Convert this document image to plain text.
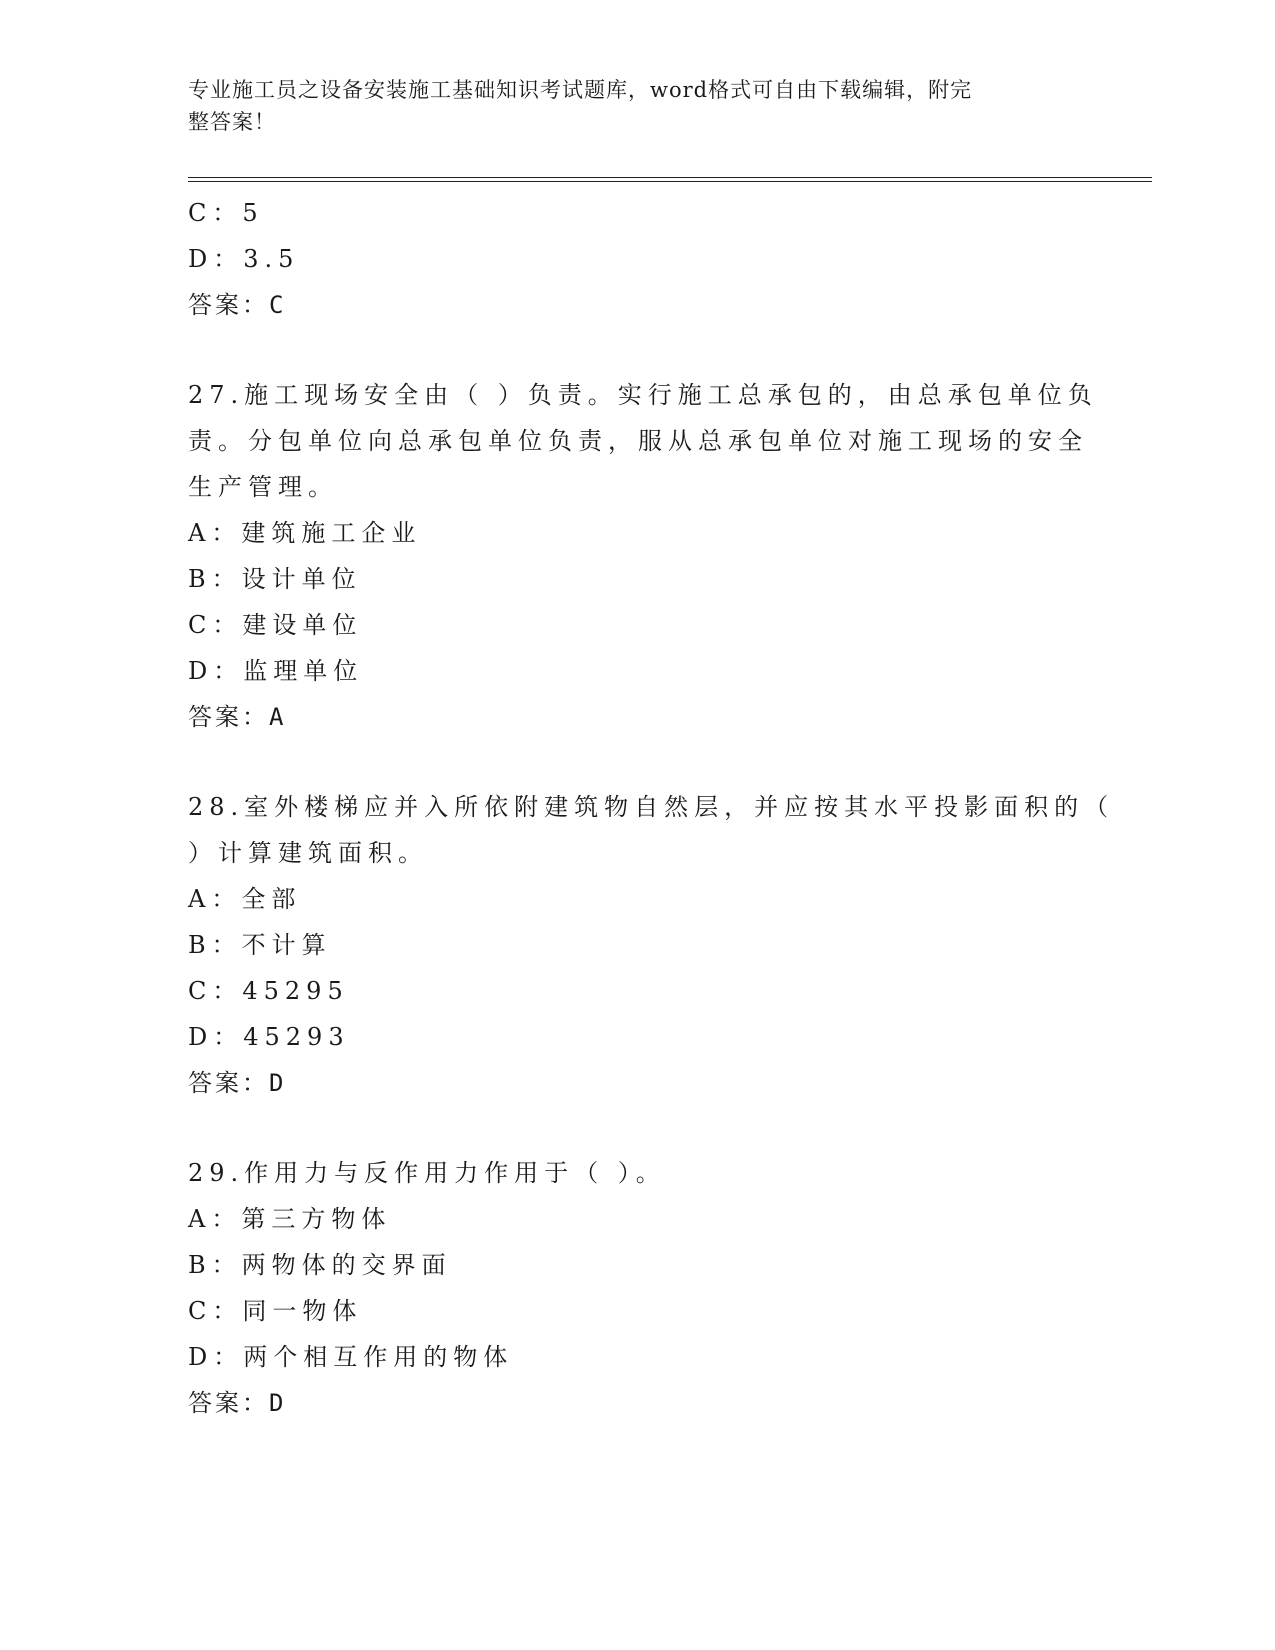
专业施工员之设备安装施工基础知识考试题库，word格式可自由下载编辑，附完
整答案！
C：5
D：3.5
答案：C
27.施工现场安全由（ ）负责。实行施工总承包的，由总承包单位负
责。分包单位向总承包单位负责，服从总承包单位对施工现场的安全
生产管理。
A：建筑施工企业
B：设计单位
C：建设单位
D：监理单位
答案：A
28.室外楼梯应并入所依附建筑物自然层，并应按其水平投影面积的（
）计算建筑面积。
A：全部
B：不计算
C：45295
D：45293
答案：D
29.作用力与反作用力作用于（ ）。
A：第三方物体
B：两物体的交界面
C：同一物体
D：两个相互作用的物体
答案：D
